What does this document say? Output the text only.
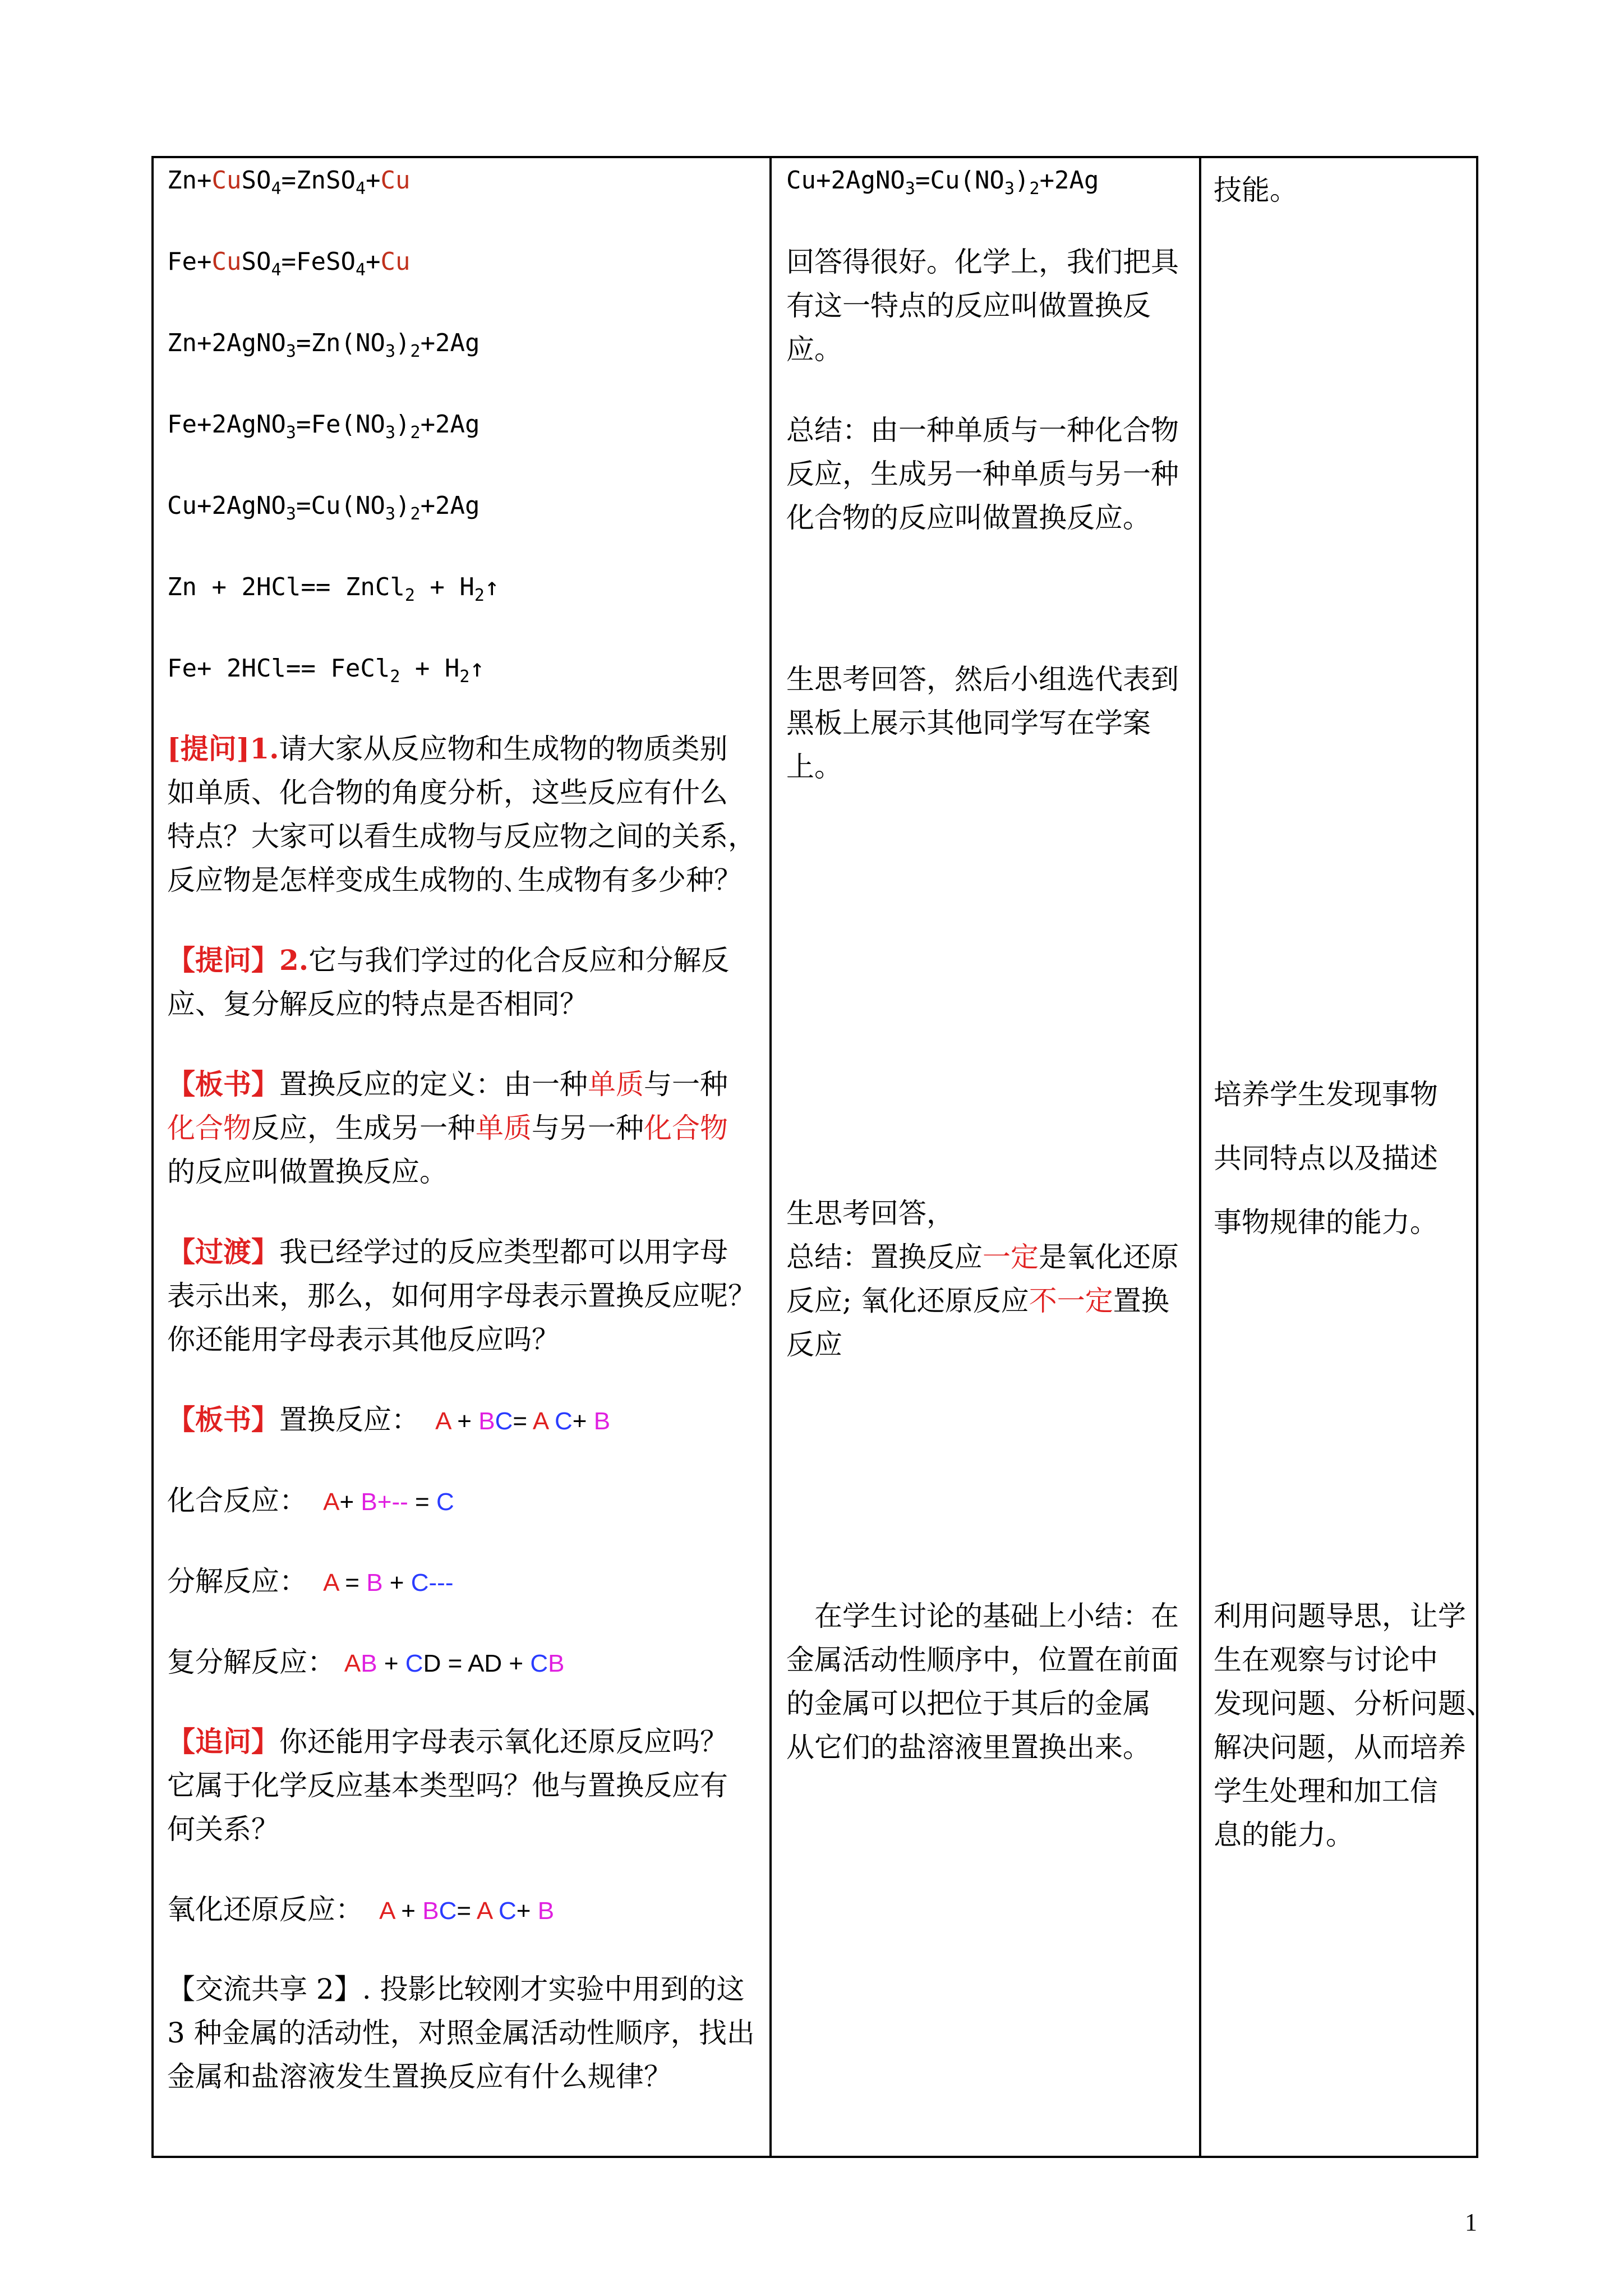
Zn+CuSO$_4$=ZnSO$_4$+Cu
Fe+CuSO$_4$=FeSO$_4$+Cu
$Zn+2AgNO_3=Zn(NO_3)_2+2Ag$
$Fe+2AgNO_3=Fe(NO_3)_2+2Ag$
$Cu+2AgNO_3=Cu(NO_3)_2+2Ag$
Zn + 2HCl== ZnCl$_2$ + $H_2↑$
Fe+ 2HCl== FeCl$_2$ + $H_2↑$
[提问]1.请大家从反应物和生成物的物质类别
如单质、化合物的角度分析，这些反应有什么
特点？大家可以看生成物与反应物之间的关系，
反应物是怎样变成生成物的､生成物有多少种？
【提问】2.它与我们学过的化合反应和分解反
应、复分解反应的特点是否相同？
【板书】置换反应的定义：由一种单质与一种
化合物反应，生成另一种单质与另一种化合物
的反应叫做置换反应。
【过渡】我已经学过的反应类型都可以用字母
表示出来，那么，如何用字母表示置换反应呢？
你还能用字母表示其他反应吗？
【板书】置换反应： A + BC= A C+ B
化合反应： A+ B+-- = C
分解反应： A = B + C---
复分解反应： AB + CD = AD + CB
【追问】你还能用字母表示氧化还原反应吗？
它属于化学反应基本类型吗？他与置换反应有
何关系？
氧化还原反应： A + BC= A C+ B
【交流共享 2】. 投影比较刚才实验中用到的这
3 种金属的活动性，对照金属活动性顺序，找出
金属和盐溶液发生置换反应有什么规律？
$Cu+2AgNO_3=Cu(NO_3)_2+2Ag$
回答得很好。化学上，我们把具
有这一特点的反应叫做置换反
应。
总结：由一种单质与一种化合物
反应，生成另一种单质与另一种
化合物的反应叫做置换反应。
生思考回答，然后小组选代表到
黑板上展示其他同学写在学案
上。
生思考回答，
总结：置换反应一定是氧化还原
反应; 氧化还原反应不一定置换
反应
　在学生讨论的基础上小结：在
金属活动性顺序中，位置在前面
的金属可以把位于其后的金属
从它们的盐溶液里置换出来。
技能。
培养学生发现事物
共同特点以及描述
事物规律的能力。
利用问题导思，让学
生在观察与讨论中
发现问题、分析问题、
解决问题，从而培养
学生处理和加工信
息的能力。
1
